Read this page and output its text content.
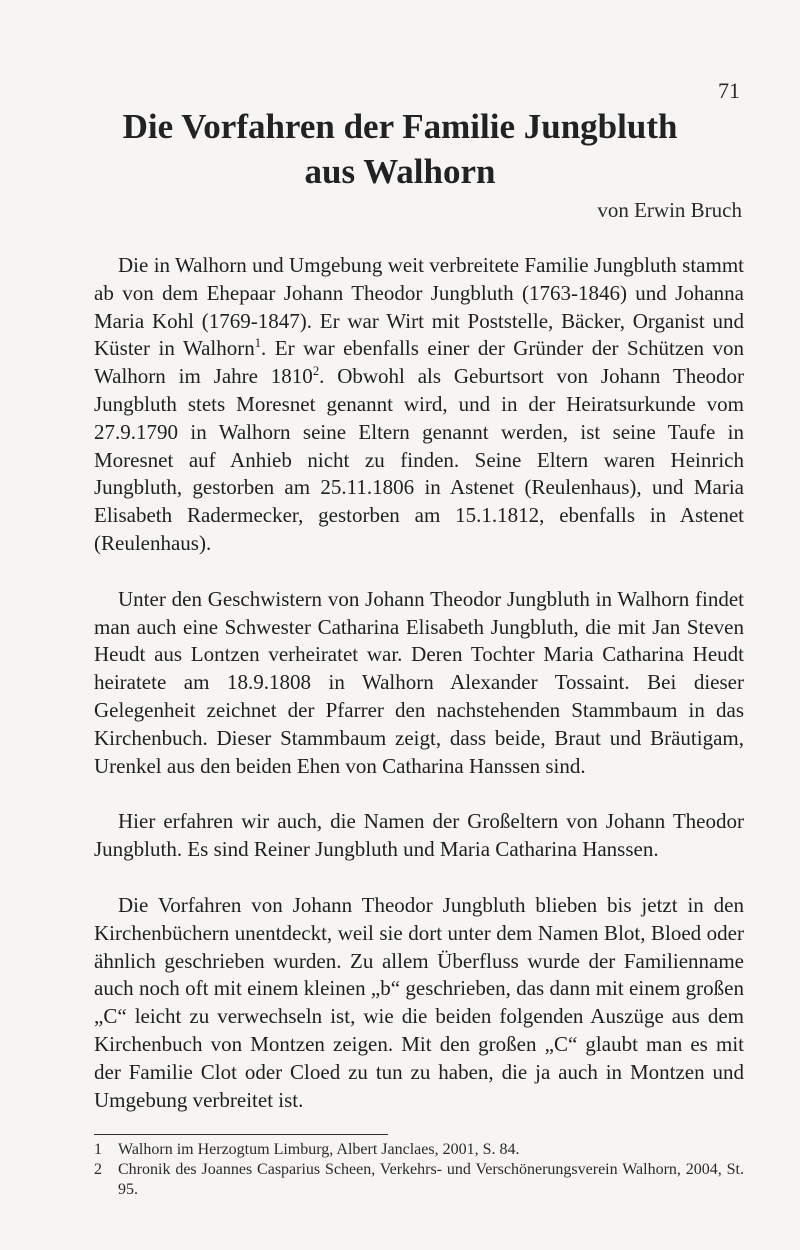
71
Die Vorfahren der Familie Jungbluth
aus Walhorn
von Erwin Bruch

Die in Walhorn und Umgebung weit verbreitete Familie Jungbluth stammt ab von dem Ehepaar Johann Theodor Jungbluth (1763-1846) und Johanna Maria Kohl (1769-1847). Er war Wirt mit Poststelle, Bäcker, Organist und Küster in Walhorn$^1$. Er war ebenfalls einer der Gründer der Schützen von Walhorn im Jahre 1810$^2$. Obwohl als Geburtsort von Johann Theodor Jungbluth stets Moresnet genannt wird, und in der Heiratsurkunde vom 27.9.1790 in Walhorn seine Eltern genannt werden, ist seine Taufe in Moresnet auf Anhieb nicht zu finden. Seine Eltern waren Heinrich Jungbluth, gestorben am 25.11.1806 in Astenet (Reulenhaus), und Maria Elisabeth Radermecker, gestorben am 15.1.1812, ebenfalls in Astenet (Reulenhaus).

Unter den Geschwistern von Johann Theodor Jungbluth in Walhorn findet man auch eine Schwester Catharina Elisabeth Jungbluth, die mit Jan Steven Heudt aus Lontzen verheiratet war. Deren Tochter Maria Catharina Heudt heiratete am 18.9.1808 in Walhorn Alexander Tossaint. Bei dieser Gelegenheit zeichnet der Pfarrer den nachstehenden Stammbaum in das Kirchenbuch. Dieser Stammbaum zeigt, dass beide, Braut und Bräutigam, Urenkel aus den beiden Ehen von Catharina Hanssen sind.

Hier erfahren wir auch, die Namen der Großeltern von Johann Theodor Jungbluth. Es sind Reiner Jungbluth und Maria Catharina Hanssen.

Die Vorfahren von Johann Theodor Jungbluth blieben bis jetzt in den Kirchenbüchern unentdeckt, weil sie dort unter dem Namen Blot, Bloed oder ähnlich geschrieben wurden. Zu allem Überfluss wurde der Familienname auch noch oft mit einem kleinen „b“ geschrieben, das dann mit einem großen „C“ leicht zu verwechseln ist, wie die beiden folgenden Auszüge aus dem Kirchenbuch von Montzen zeigen. Mit den großen „C“ glaubt man es mit der Familie Clot oder Cloed zu tun zu haben, die ja auch in Montzen und Umgebung verbreitet ist.

1	Walhorn im Herzogtum Limburg, Albert Janclaes, 2001, S. 84.
2	Chronik des Joannes Casparius Scheen, Verkehrs- und Verschönerungsverein Walhorn, 2004, St. 95.
